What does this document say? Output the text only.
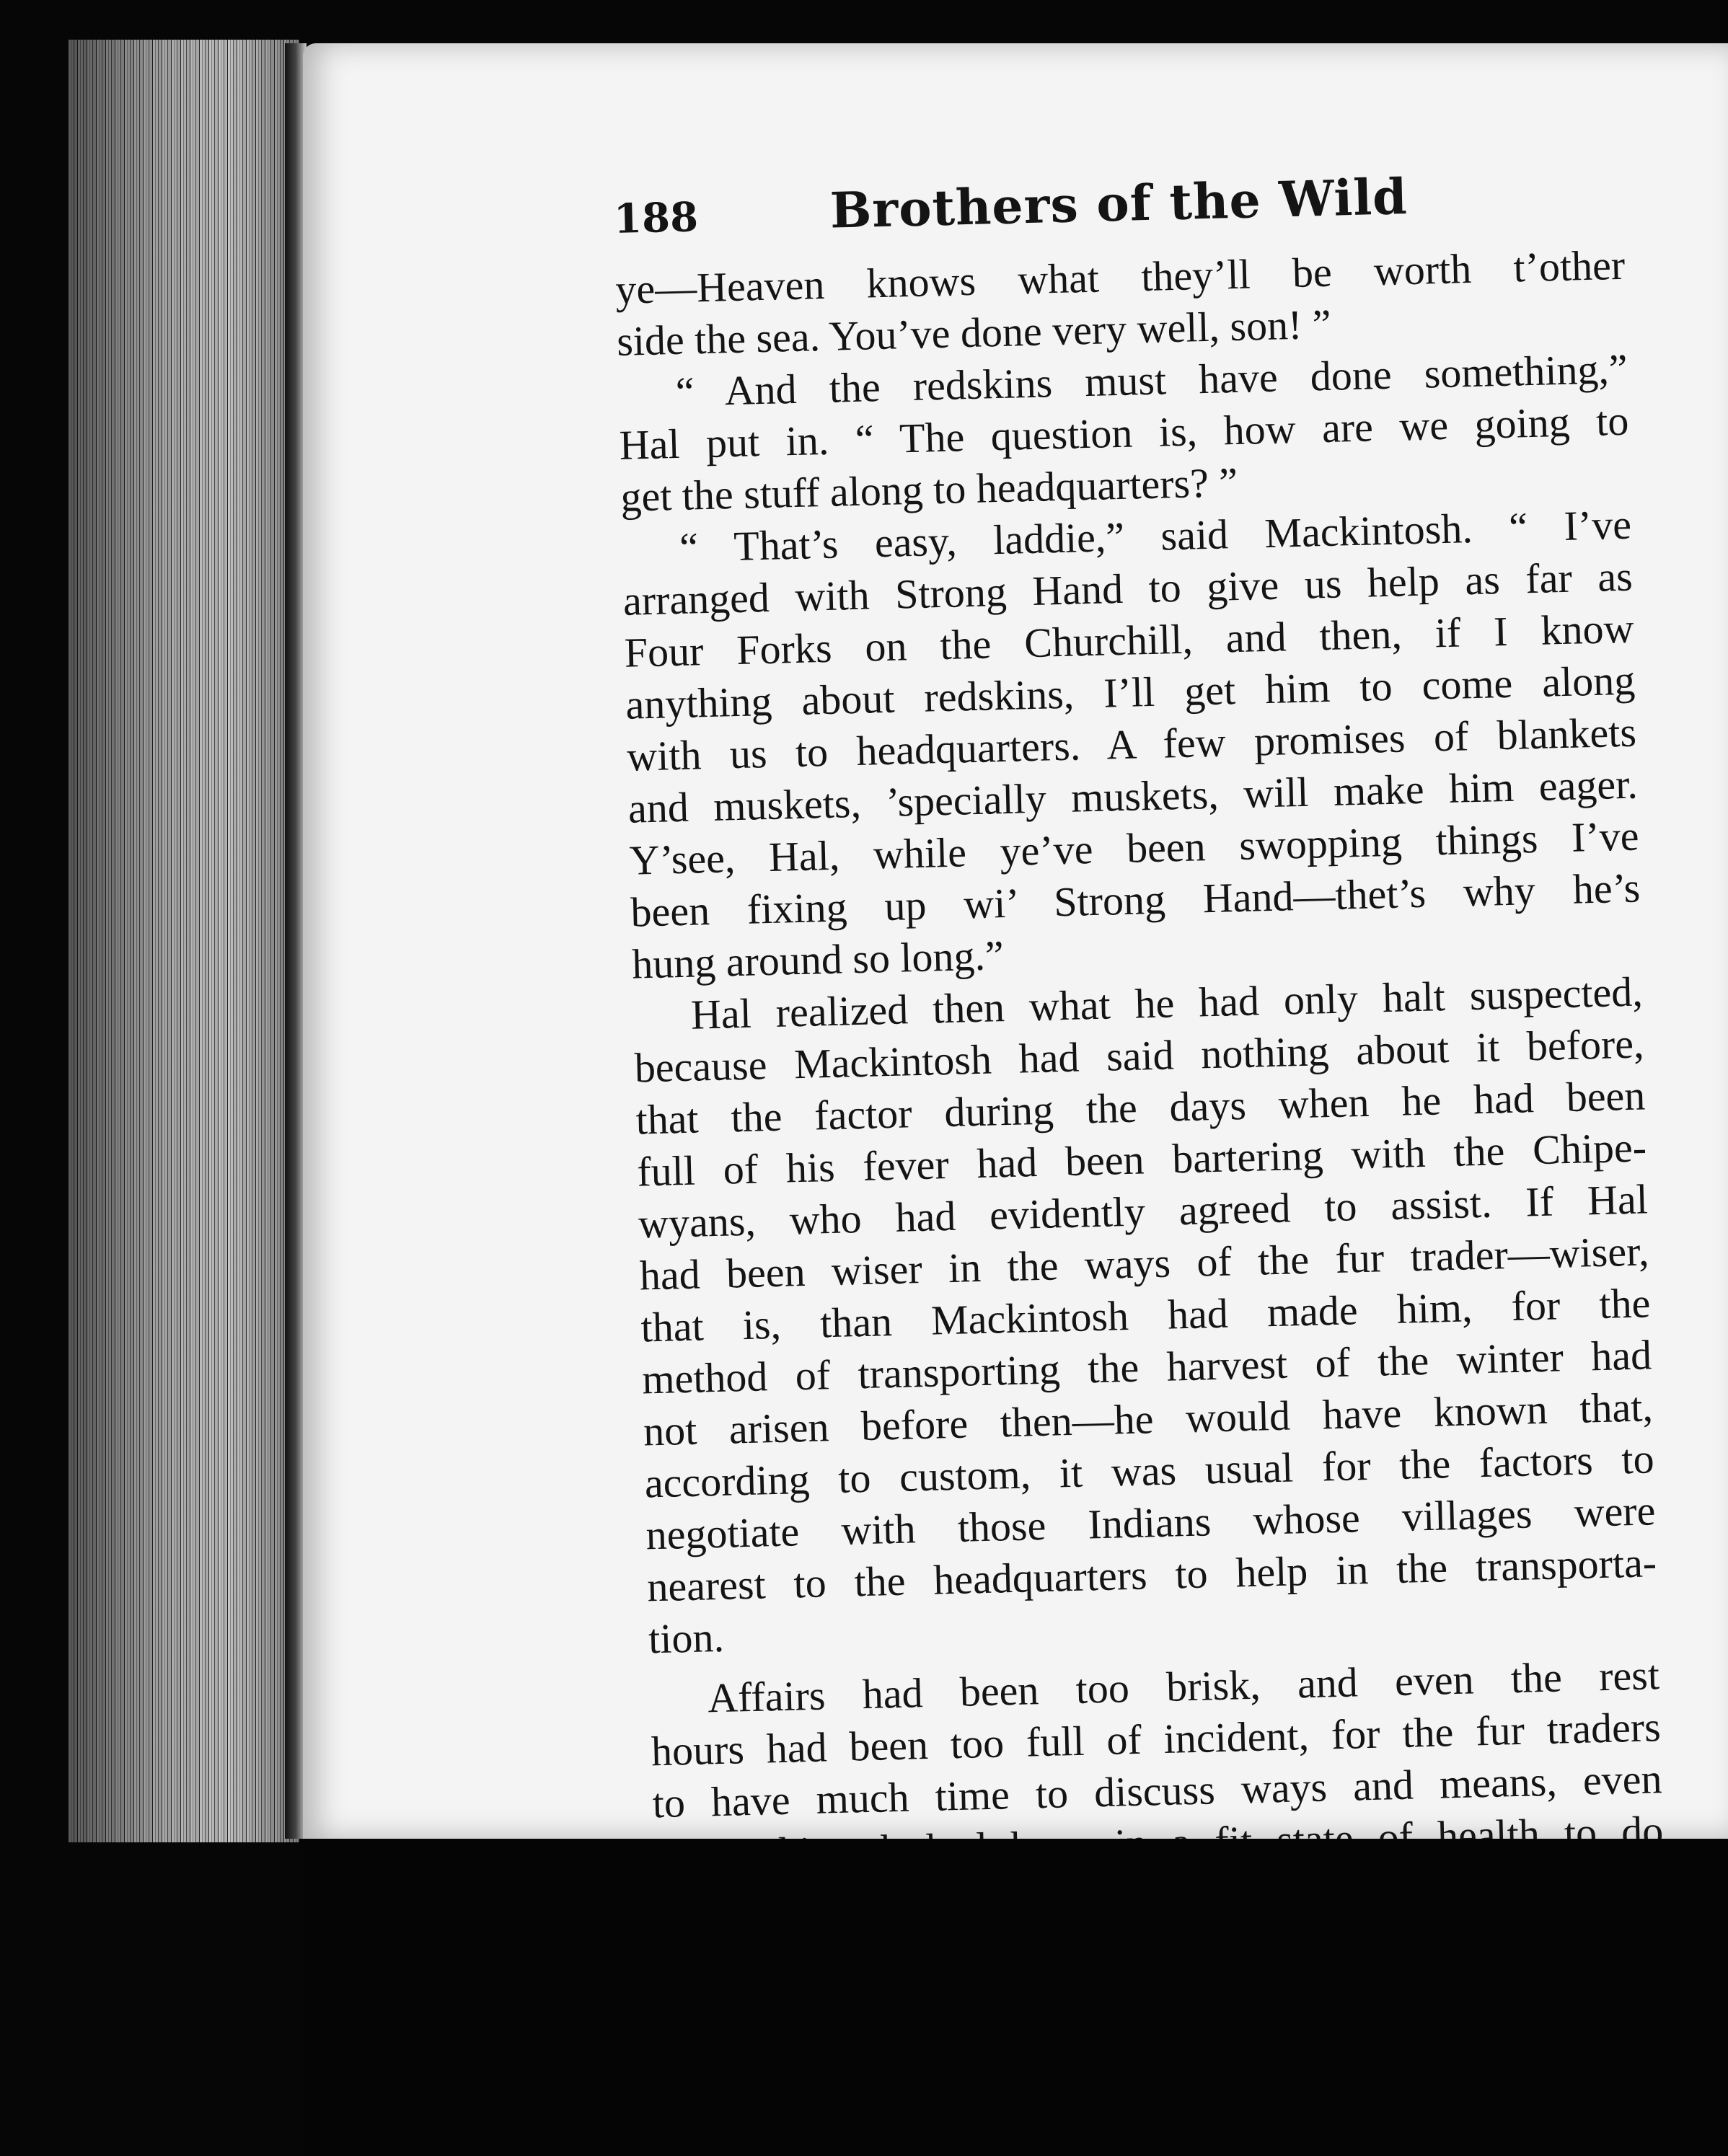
188	Brothers of the Wild
ye—Heaven knows what they’ll be worth t’other
side the sea. You’ve done very well, son! ”
“ And the redskins must have done something,”
Hal put in. “ The question is, how are we going to
get the stuff along to headquarters? ”
“ That’s easy, laddie,” said Mackintosh. “ I’ve
arranged with Strong Hand to give us help as far as
Four Forks on the Churchill, and then, if I know
anything about redskins, I’ll get him to come along
with us to headquarters. A few promises of blankets
and muskets, ’specially muskets, will make him eager.
Y’see, Hal, while ye’ve been swopping things I’ve
been fixing up wi’ Strong Hand—thet’s why he’s
hung around so long.”
Hal realized then what he had only halt suspected,
because Mackintosh had said nothing about it before,
that the factor during the days when he had been
full of his fever had been bartering with the Chipe-
wyans, who had evidently agreed to assist. If Hal
had been wiser in the ways of the fur trader—wiser,
that is, than Mackintosh had made him, for the
method of transporting the harvest of the winter had
not arisen before then—he would have known that,
according to custom, it was usual for the factors to
negotiate with those Indians whose villages were
nearest to the headquarters to help in the transporta-
tion.
Affairs had been too brisk, and even the rest
hours had been too full of incident, for the fur traders
to have much time to discuss ways and means, even
